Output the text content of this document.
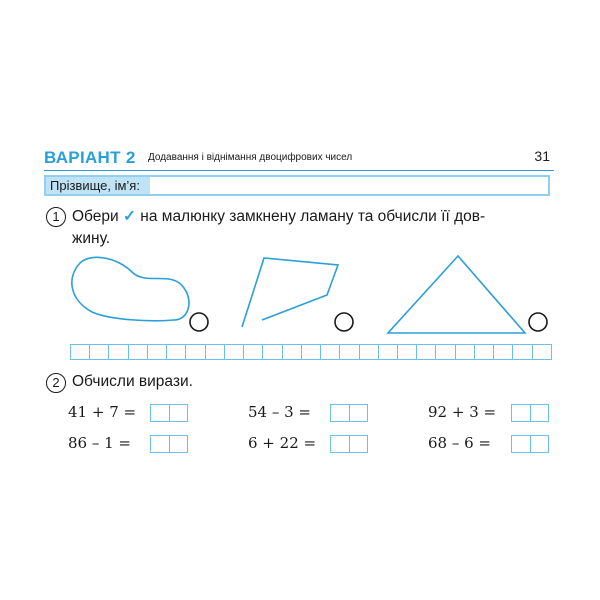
ВАРІАНТ 2 Додавання і віднімання двоцифрових чисел	31
Прізвище, ім’я:
1 Обери ✓ на малюнку замкнену ламану та обчисли її дов-
жину.
2 Обчисли вирази.
41 + 7 =	54 – 3 =	92 + 3 =
86 – 1 =	6 + 22 =	68 – 6 =
